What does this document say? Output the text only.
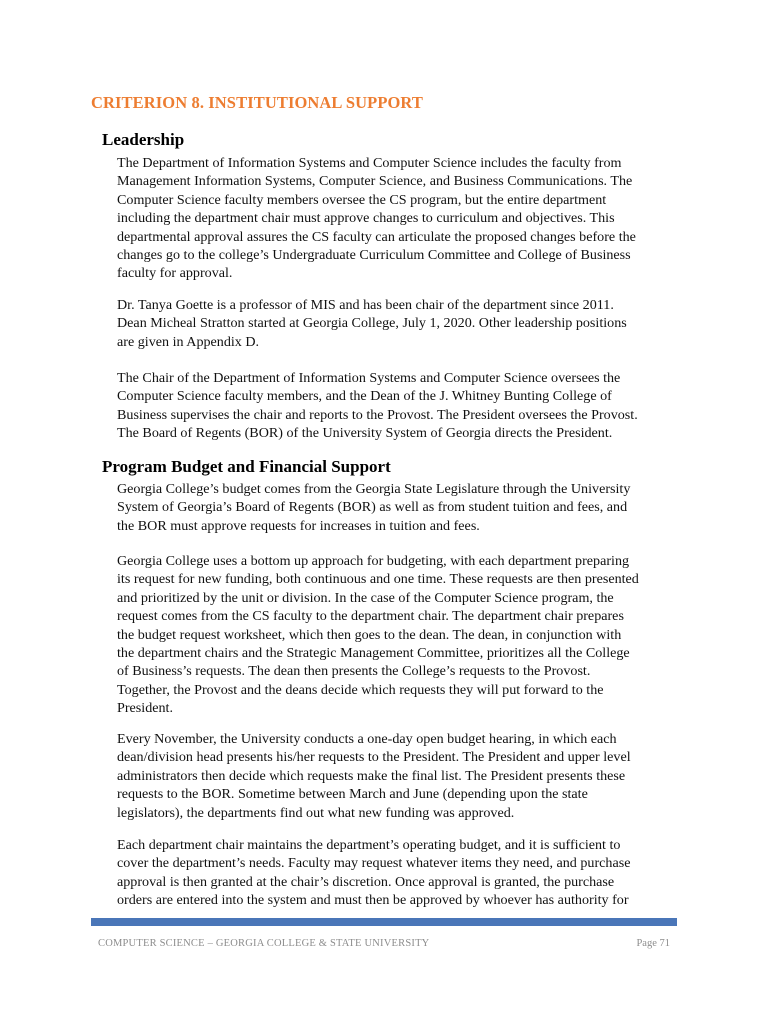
CRITERION 8. INSTITUTIONAL SUPPORT
Leadership
The Department of Information Systems and Computer Science includes the faculty from
Management Information Systems, Computer Science, and Business Communications. The
Computer Science faculty members oversee the CS program, but the entire department
including the department chair must approve changes to curriculum and objectives. This
departmental approval assures the CS faculty can articulate the proposed changes before the
changes go to the college’s Undergraduate Curriculum Committee and College of Business
faculty for approval.
Dr. Tanya Goette is a professor of MIS and has been chair of the department since 2011.
Dean Micheal Stratton started at Georgia College, July 1, 2020. Other leadership positions
are given in Appendix D.
The Chair of the Department of Information Systems and Computer Science oversees the
Computer Science faculty members, and the Dean of the J. Whitney Bunting College of
Business supervises the chair and reports to the Provost. The President oversees the Provost.
The Board of Regents (BOR) of the University System of Georgia directs the President.
Program Budget and Financial Support
Georgia College’s budget comes from the Georgia State Legislature through the University
System of Georgia’s Board of Regents (BOR) as well as from student tuition and fees, and
the BOR must approve requests for increases in tuition and fees.
Georgia College uses a bottom up approach for budgeting, with each department preparing
its request for new funding, both continuous and one time. These requests are then presented
and prioritized by the unit or division. In the case of the Computer Science program, the
request comes from the CS faculty to the department chair. The department chair prepares
the budget request worksheet, which then goes to the dean. The dean, in conjunction with
the department chairs and the Strategic Management Committee, prioritizes all the College
of Business’s requests. The dean then presents the College’s requests to the Provost.
Together, the Provost and the deans decide which requests they will put forward to the
President.
Every November, the University conducts a one-day open budget hearing, in which each
dean/division head presents his/her requests to the President. The President and upper level
administrators then decide which requests make the final list. The President presents these
requests to the BOR. Sometime between March and June (depending upon the state
legislators), the departments find out what new funding was approved.
Each department chair maintains the department’s operating budget, and it is sufficient to
cover the department’s needs. Faculty may request whatever items they need, and purchase
approval is then granted at the chair’s discretion. Once approval is granted, the purchase
orders are entered into the system and must then be approved by whoever has authority for
COMPUTER SCIENCE – GEORGIA COLLEGE & STATE UNIVERSITY	Page 71
